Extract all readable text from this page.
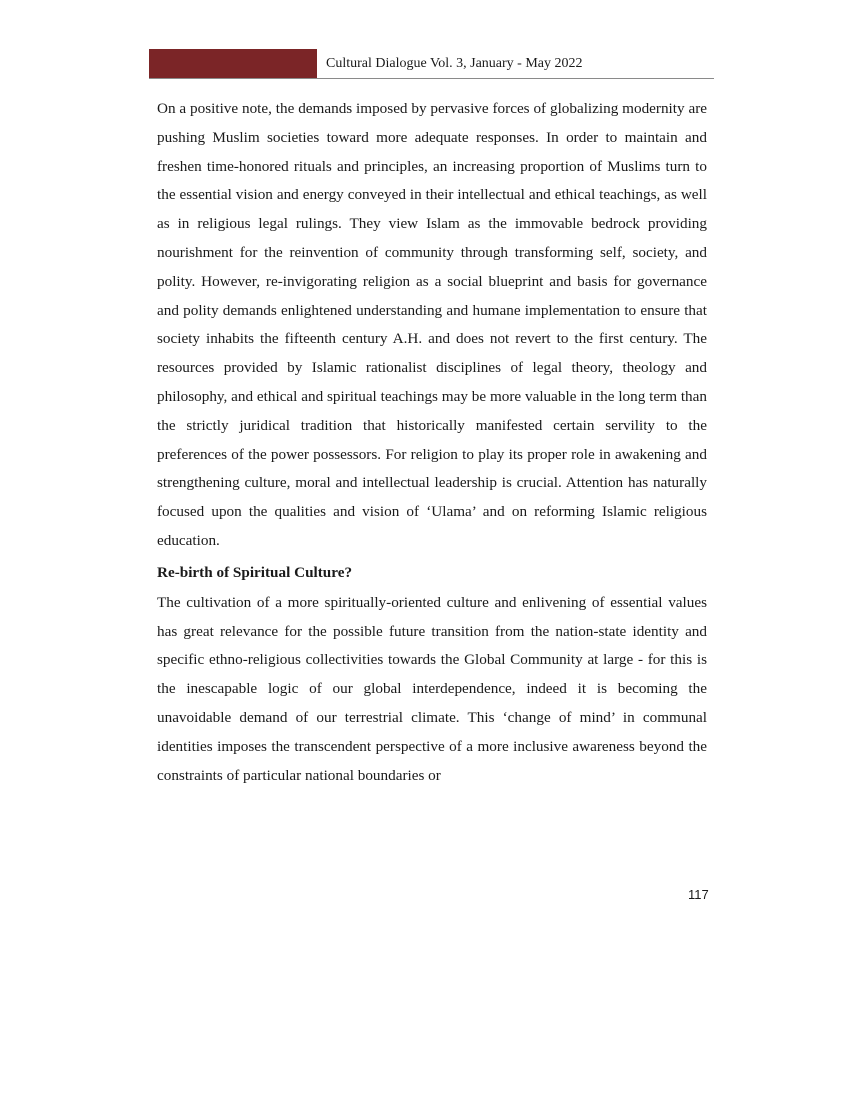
Cultural Dialogue Vol. 3, January - May 2022

On a positive note, the demands imposed by pervasive forces of globalizing modernity are pushing Muslim societies toward more adequate responses. In order to maintain and freshen time-honored rituals and principles, an increasing proportion of Muslims turn to the essential vision and energy conveyed in their intellectual and ethical teachings, as well as in religious legal rulings. They view Islam as the immovable bedrock providing nourishment for the reinvention of community through transforming self, society, and polity. However, re-invigorating religion as a social blueprint and basis for governance and polity demands enlightened understanding and humane implementation to ensure that society inhabits the fifteenth century A.H. and does not revert to the first century. The resources provided by Islamic rationalist disciplines of legal theory, theology and philosophy, and ethical and spiritual teachings may be more valuable in the long term than the strictly juridical tradition that historically manifested certain servility to the preferences of the power possessors. For religion to play its proper role in awakening and strengthening culture, moral and intellectual leadership is crucial. Attention has naturally focused upon the qualities and vision of ‘Ulama’ and on reforming Islamic religious education.

Re-birth of Spiritual Culture?

The cultivation of a more spiritually-oriented culture and enlivening of essential values has great relevance for the possible future transition from the nation-state identity and specific ethno-religious collectivities towards the Global Community at large - for this is the inescapable logic of our global interdependence, indeed it is becoming the unavoidable demand of our terrestrial climate. This ‘change of mind’ in communal identities imposes the transcendent perspective of a more inclusive awareness beyond the constraints of particular national boundaries or

117
